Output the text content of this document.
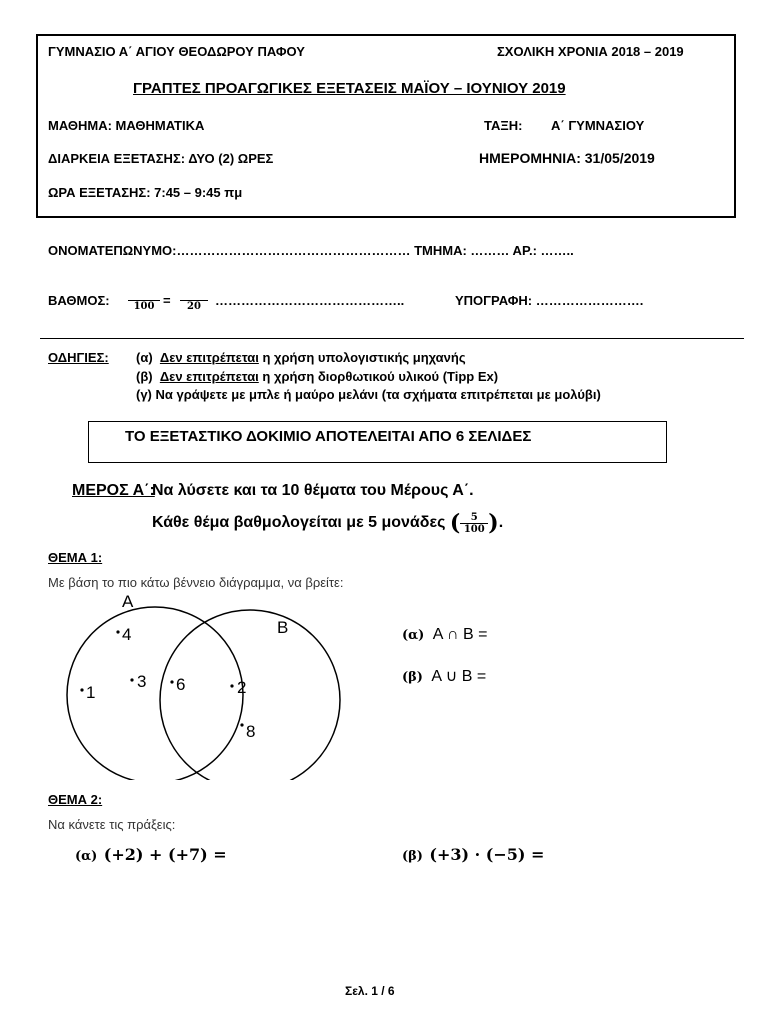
ΓΥΜΝΑΣΙΟ Α΄ ΑΓΙΟΥ ΘΕΟΔΩΡΟΥ ΠΑΦΟΥ	ΣΧΟΛΙΚΗ ΧΡΟΝΙΑ 2018 – 2019
ΓΡΑΠΤΕΣ ΠΡΟΑΓΩΓΙΚΕΣ ΕΞΕΤΑΣΕΙΣ ΜΑΪΟΥ – ΙΟΥΝΙΟΥ 2019
ΜΑΘΗΜΑ: ΜΑΘΗΜΑΤΙΚΑ	ΤΑΞΗ: Α΄ ΓΥΜΝΑΣΙΟΥ
ΔΙΑΡΚΕΙΑ ΕΞΕΤΑΣΗΣ: ΔΥΟ (2) ΩΡΕΣ	ΗΜΕΡΟΜΗΝΙΑ: 31/05/2019
ΩΡΑ ΕΞΕΤΑΣΗΣ: 7:45 – 9:45 πμ
ΟΝΟΜΑΤΕΠΩΝΥΜΟ:……………………………………………… ΤΜΗΜΑ: ……… ΑΡ.: ……..
ΒΑΘΜΟΣ:
	100 =
	20	……………………………………..	ΥΠΟΓΡΑΦΗ: …………………….
ΟΔΗΓΙΕΣ: (α) Δεν επιτρέπεται η χρήση υπολογιστικής μηχανής
(β) Δεν επιτρέπεται η χρήση διορθωτικού υλικού (Tipp Ex)
(γ) Να γράψετε με μπλε ή μαύρο μελάνι (τα σχήματα επιτρέπεται με μολύβι)
ΤΟ ΕΞΕΤΑΣΤΙΚΟ ΔΟΚΙΜΙΟ ΑΠΟΤΕΛΕΙΤΑΙ ΑΠΟ 6 ΣΕΛΙΔΕΣ
ΜΕΡΟΣ Α΄:
Να λύσετε και τα 10 θέματα του Μέρους Α΄.
Κάθε θέμα βαθμολογείται με 5 μονάδες ( $\frac{5}{100}$ ).
ΘΕΜΑ 1:
Με βάση το πιο κάτω βέννειο διάγραμμα, να βρείτε:
A
B
4
3
1	6	2
8
(α) A ∩ B =
(β) A ∪ B =
ΘΕΜΑ 2:
Να κάνετε τις πράξεις:
(α) (+2) + (+7) =	(β) (+3) · (−5) =
Σελ. 1 / 6
